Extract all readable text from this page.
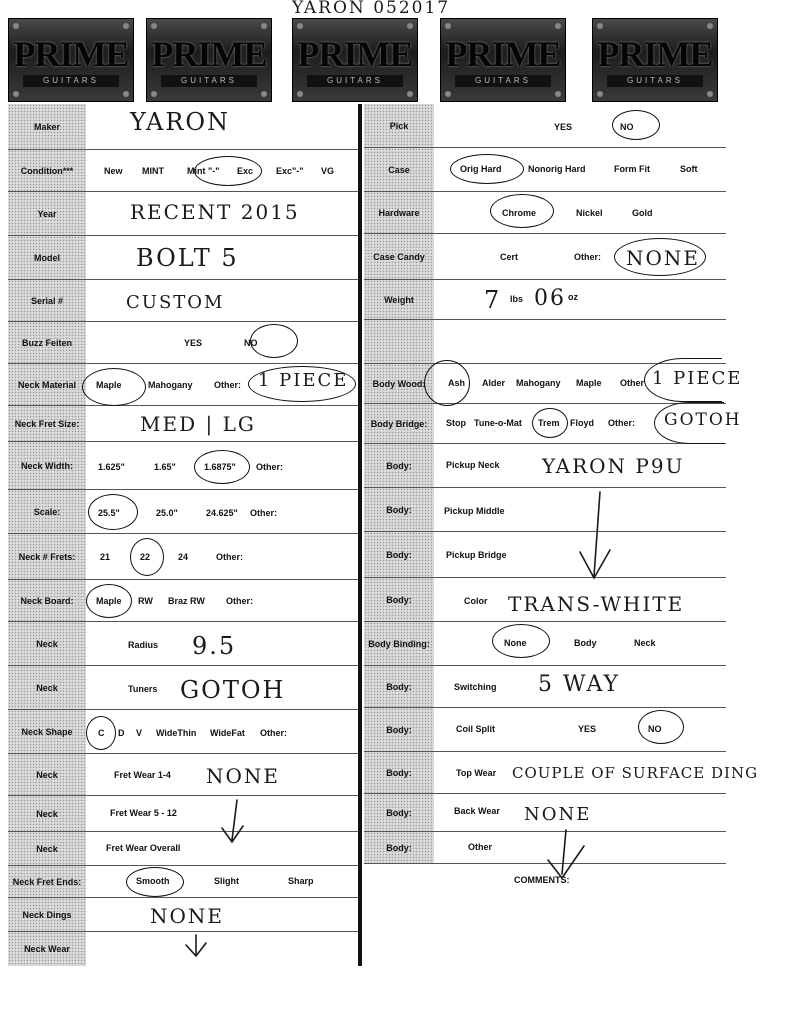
YARON 052017
PRIME
GUITARS
PRIME
GUITARS
PRIME
GUITARS
PRIME
GUITARS
PRIME
GUITARS
Maker	YARON
Condition***	New MINT	Mint "-" Exc	Exc"-" VG
Year	RECENT 2015
Model	BOLT 5
Serial #	CUSTOM
Buzz Feiten	YES	NO
Neck Material	Maple	Mahogany Other: 1 PIECE
Neck Fret Size:	MED | LG
Neck Width:	1.625"	1.65"	1.6875" Other:
Scale:	25.5"	25.0"	24.625" Other:
Neck # Frets:	21	22	24	Other:
Neck Board:	Maple RW Braz RW Other:
Neck	Radius 9.5
Neck	Tuners GOTOH
Neck Shape	C D V WideThin WideFat Other:
Neck	Fret Wear 1-4 NONE
Neck	Fret Wear 5 - 12
Neck	Fret Wear Overall
Neck Fret Ends:	Smooth	Slight	Sharp
Neck Dings	NONE
Neck Wear
Pick	YES	NO
Case	Orig Hard	Nonorig Hard	Form Fit	Soft
Hardware	Chrome	Nickel	Gold
Case Candy	Cert	Other: NONE
Weight	7 lbs 06 oz
Body Wood:	Ash Alder Mahogany Maple Other 1 PIECE
Body Bridge:	Stop Tune-o-Mat Trem Floyd Other: GOTOH
Body:	Pickup Neck YARON P9U
Body:	Pickup Middle
Body:	Pickup Bridge
Body:	Color TRANS-WHITE
Body Binding:	None	Body	Neck
Body:	Switching 5 WAY
Body:	Coil Split	YES	NO
Body:	Top Wear COUPLE OF SURFACE DING
Body:	Back Wear NONE
Body:	Other
COMMENTS:
